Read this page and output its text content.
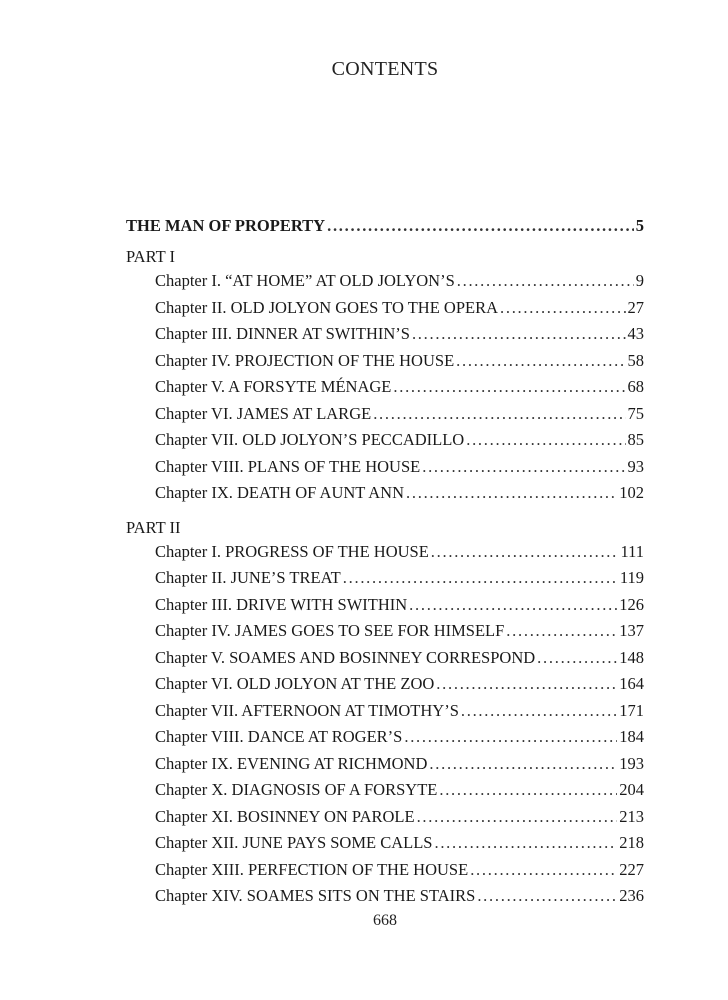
CONTENTS
THE MAN OF PROPERTY . . .	5
PART I
Chapter I. “AT HOME” AT OLD JOLYON’S . . .	9
Chapter II. OLD JOLYON GOES TO THE OPERA . . .	27
Chapter III. DINNER AT SWITHIN’S . . .	43
Chapter IV. PROJECTION OF THE HOUSE . . .	58
Chapter V. A FORSYTE MÉNAGE . . .	68
Chapter VI. JAMES AT LARGE . . .	75
Chapter VII. OLD JOLYON’S PECCADILLO . . .	85
Chapter VIII. PLANS OF THE HOUSE . . .	93
Chapter IX. DEATH OF AUNT ANN . . .	102
PART II
Chapter I. PROGRESS OF THE HOUSE . . .	111
Chapter II. JUNE’S TREAT . . .	119
Chapter III. DRIVE WITH SWITHIN . . .	126
Chapter IV. JAMES GOES TO SEE FOR HIMSELF . . .	137
Chapter V. SOAMES AND BOSINNEY CORRESPOND . . .	148
Chapter VI. OLD JOLYON AT THE ZOO . . .	164
Chapter VII. AFTERNOON AT TIMOTHY’S . . .	171
Chapter VIII. DANCE AT ROGER’S . . .	184
Chapter IX. EVENING AT RICHMOND . . .	193
Chapter X. DIAGNOSIS OF A FORSYTE . . .	204
Chapter XI. BOSINNEY ON PAROLE . . .	213
Chapter XII. JUNE PAYS SOME CALLS . . .	218
Chapter XIII. PERFECTION OF THE HOUSE . . .	227
Chapter XIV. SOAMES SITS ON THE STAIRS . . .	236
668
